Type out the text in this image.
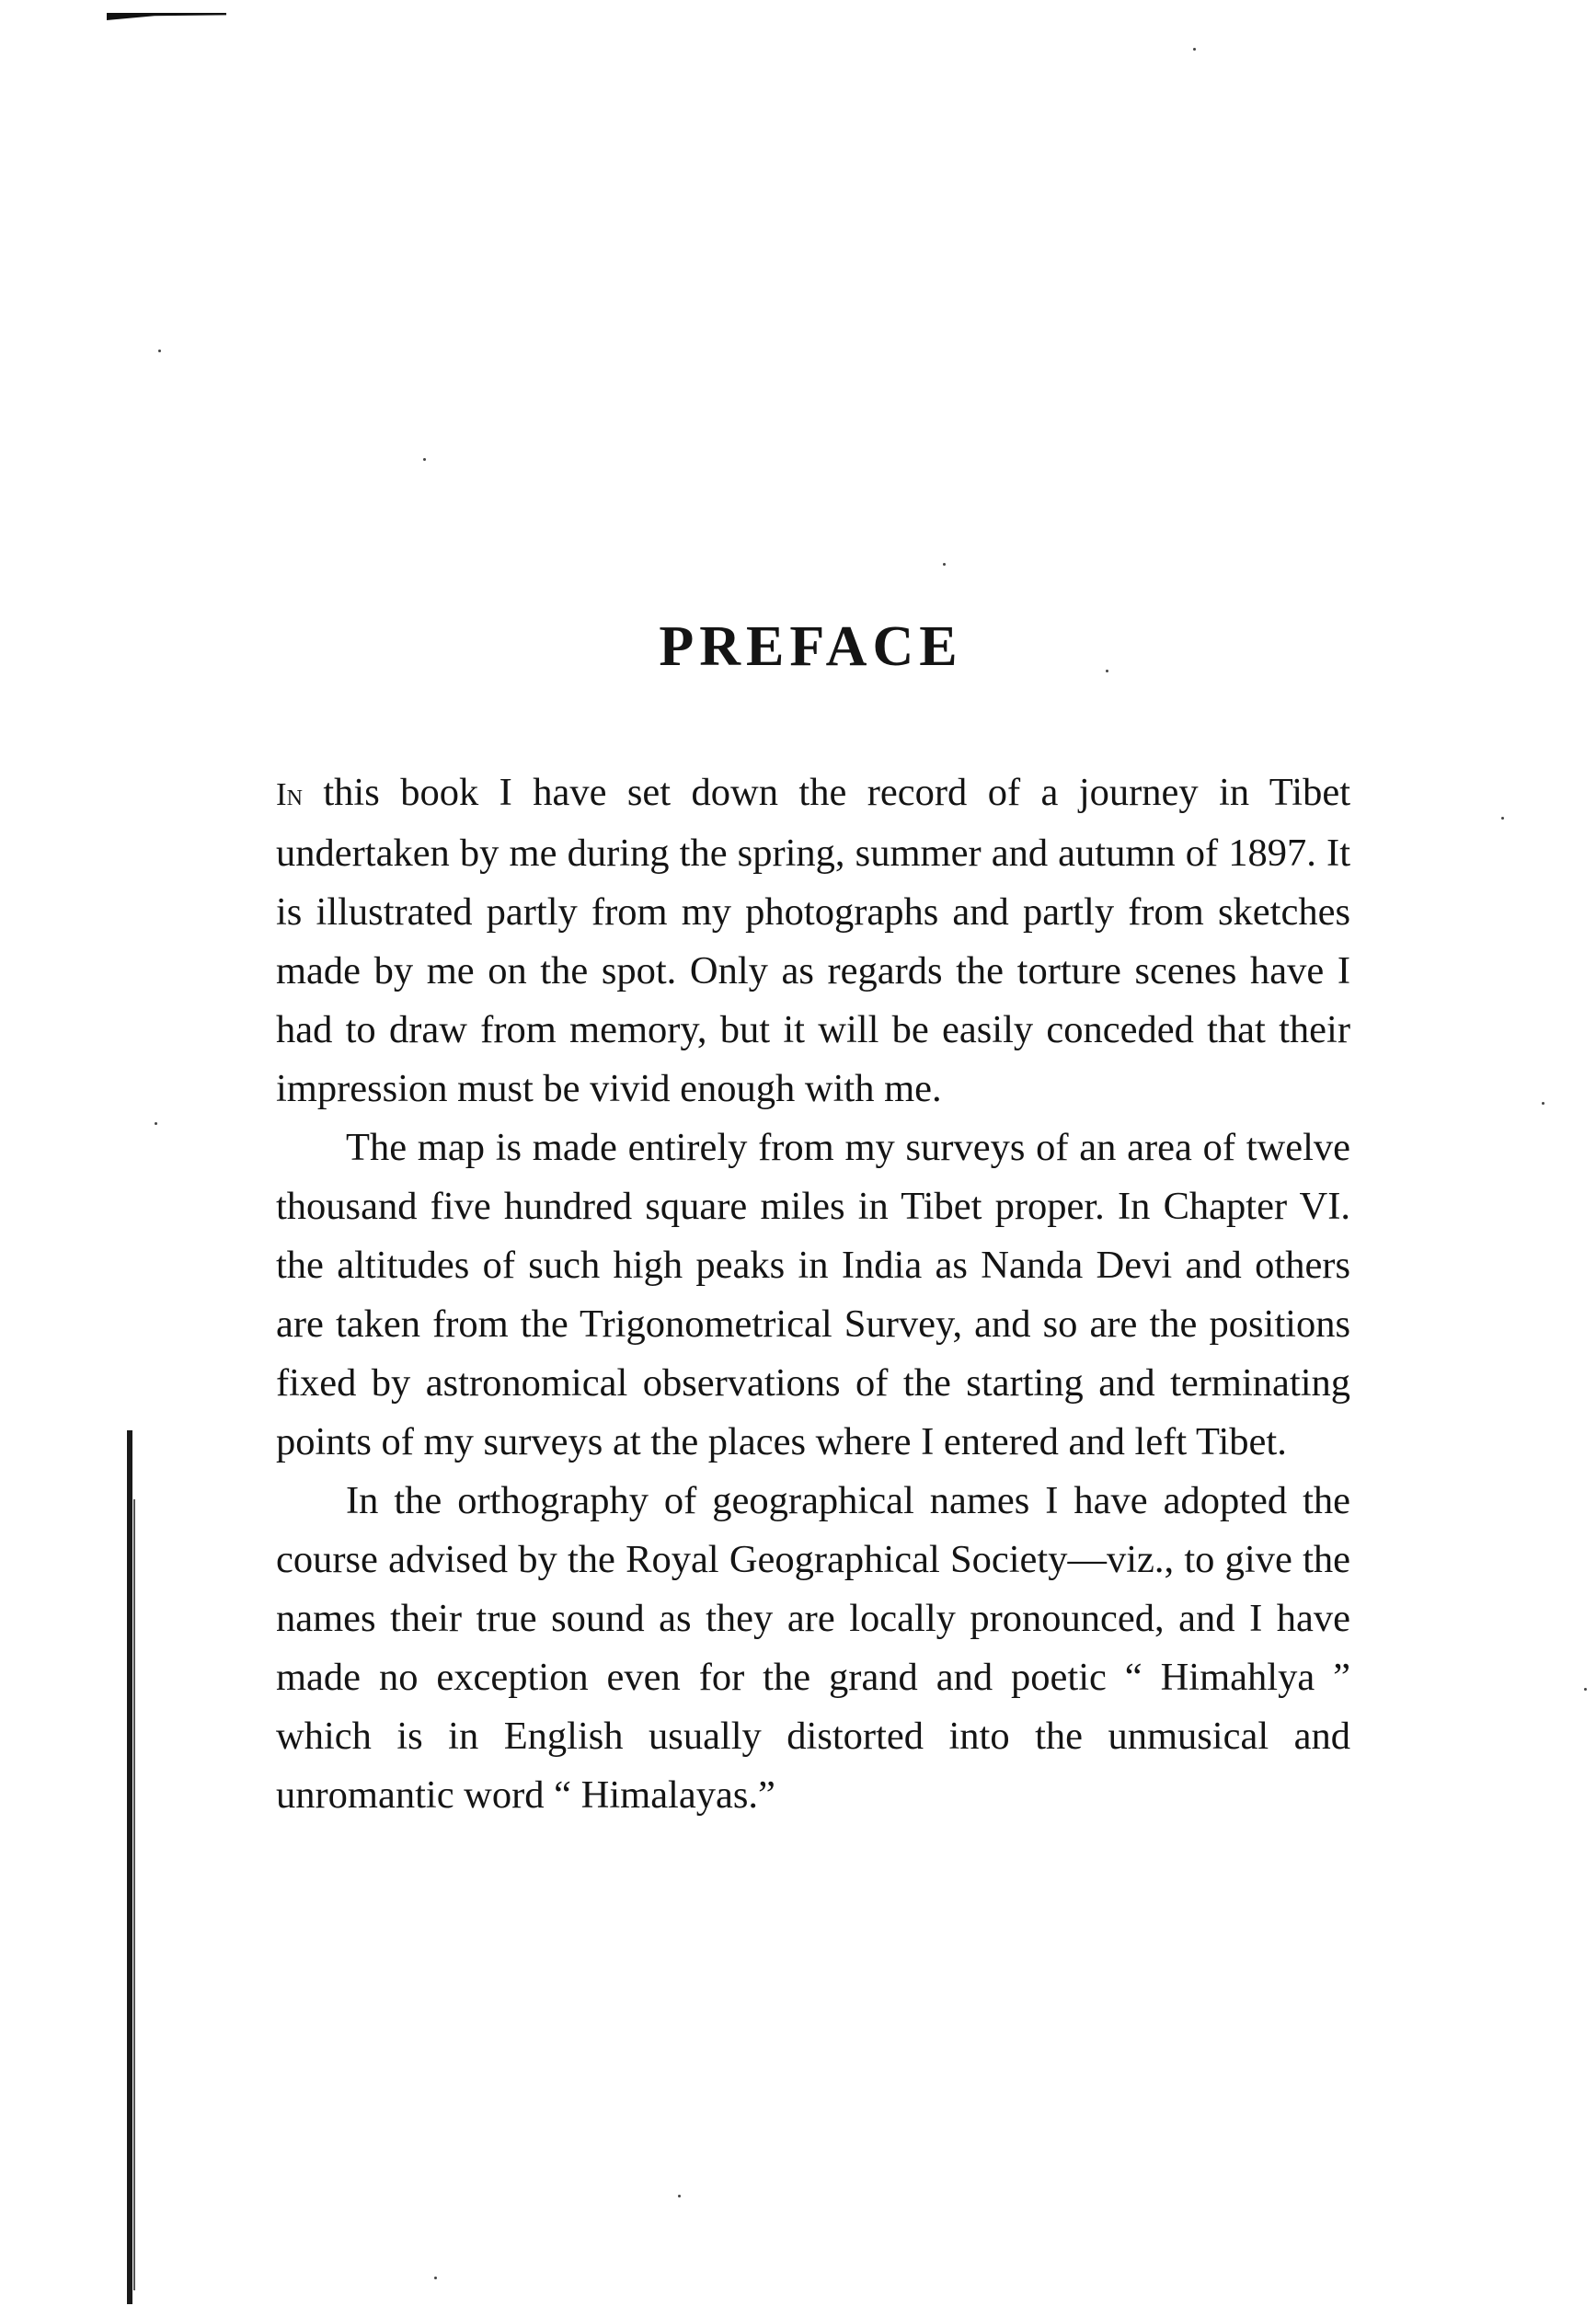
PREFACE

In this book I have set down the record of a journey in Tibet undertaken by me during the spring, summer and autumn of 1897. It is illustrated partly from my photographs and partly from sketches made by me on the spot. Only as regards the torture scenes have I had to draw from memory, but it will be easily conceded that their impression must be vivid enough with me.

The map is made entirely from my surveys of an area of twelve thousand five hundred square miles in Tibet proper. In Chapter VI. the altitudes of such high peaks in India as Nanda Devi and others are taken from the Trigonometrical Survey, and so are the positions fixed by astronomical observations of the starting and terminating points of my surveys at the places where I entered and left Tibet.

In the orthography of geographical names I have adopted the course advised by the Royal Geographical Society—viz., to give the names their true sound as they are locally pronounced, and I have made no exception even for the grand and poetic “ Himahlya ” which is in English usually distorted into the unmusical and unromantic word “ Himalayas.”
